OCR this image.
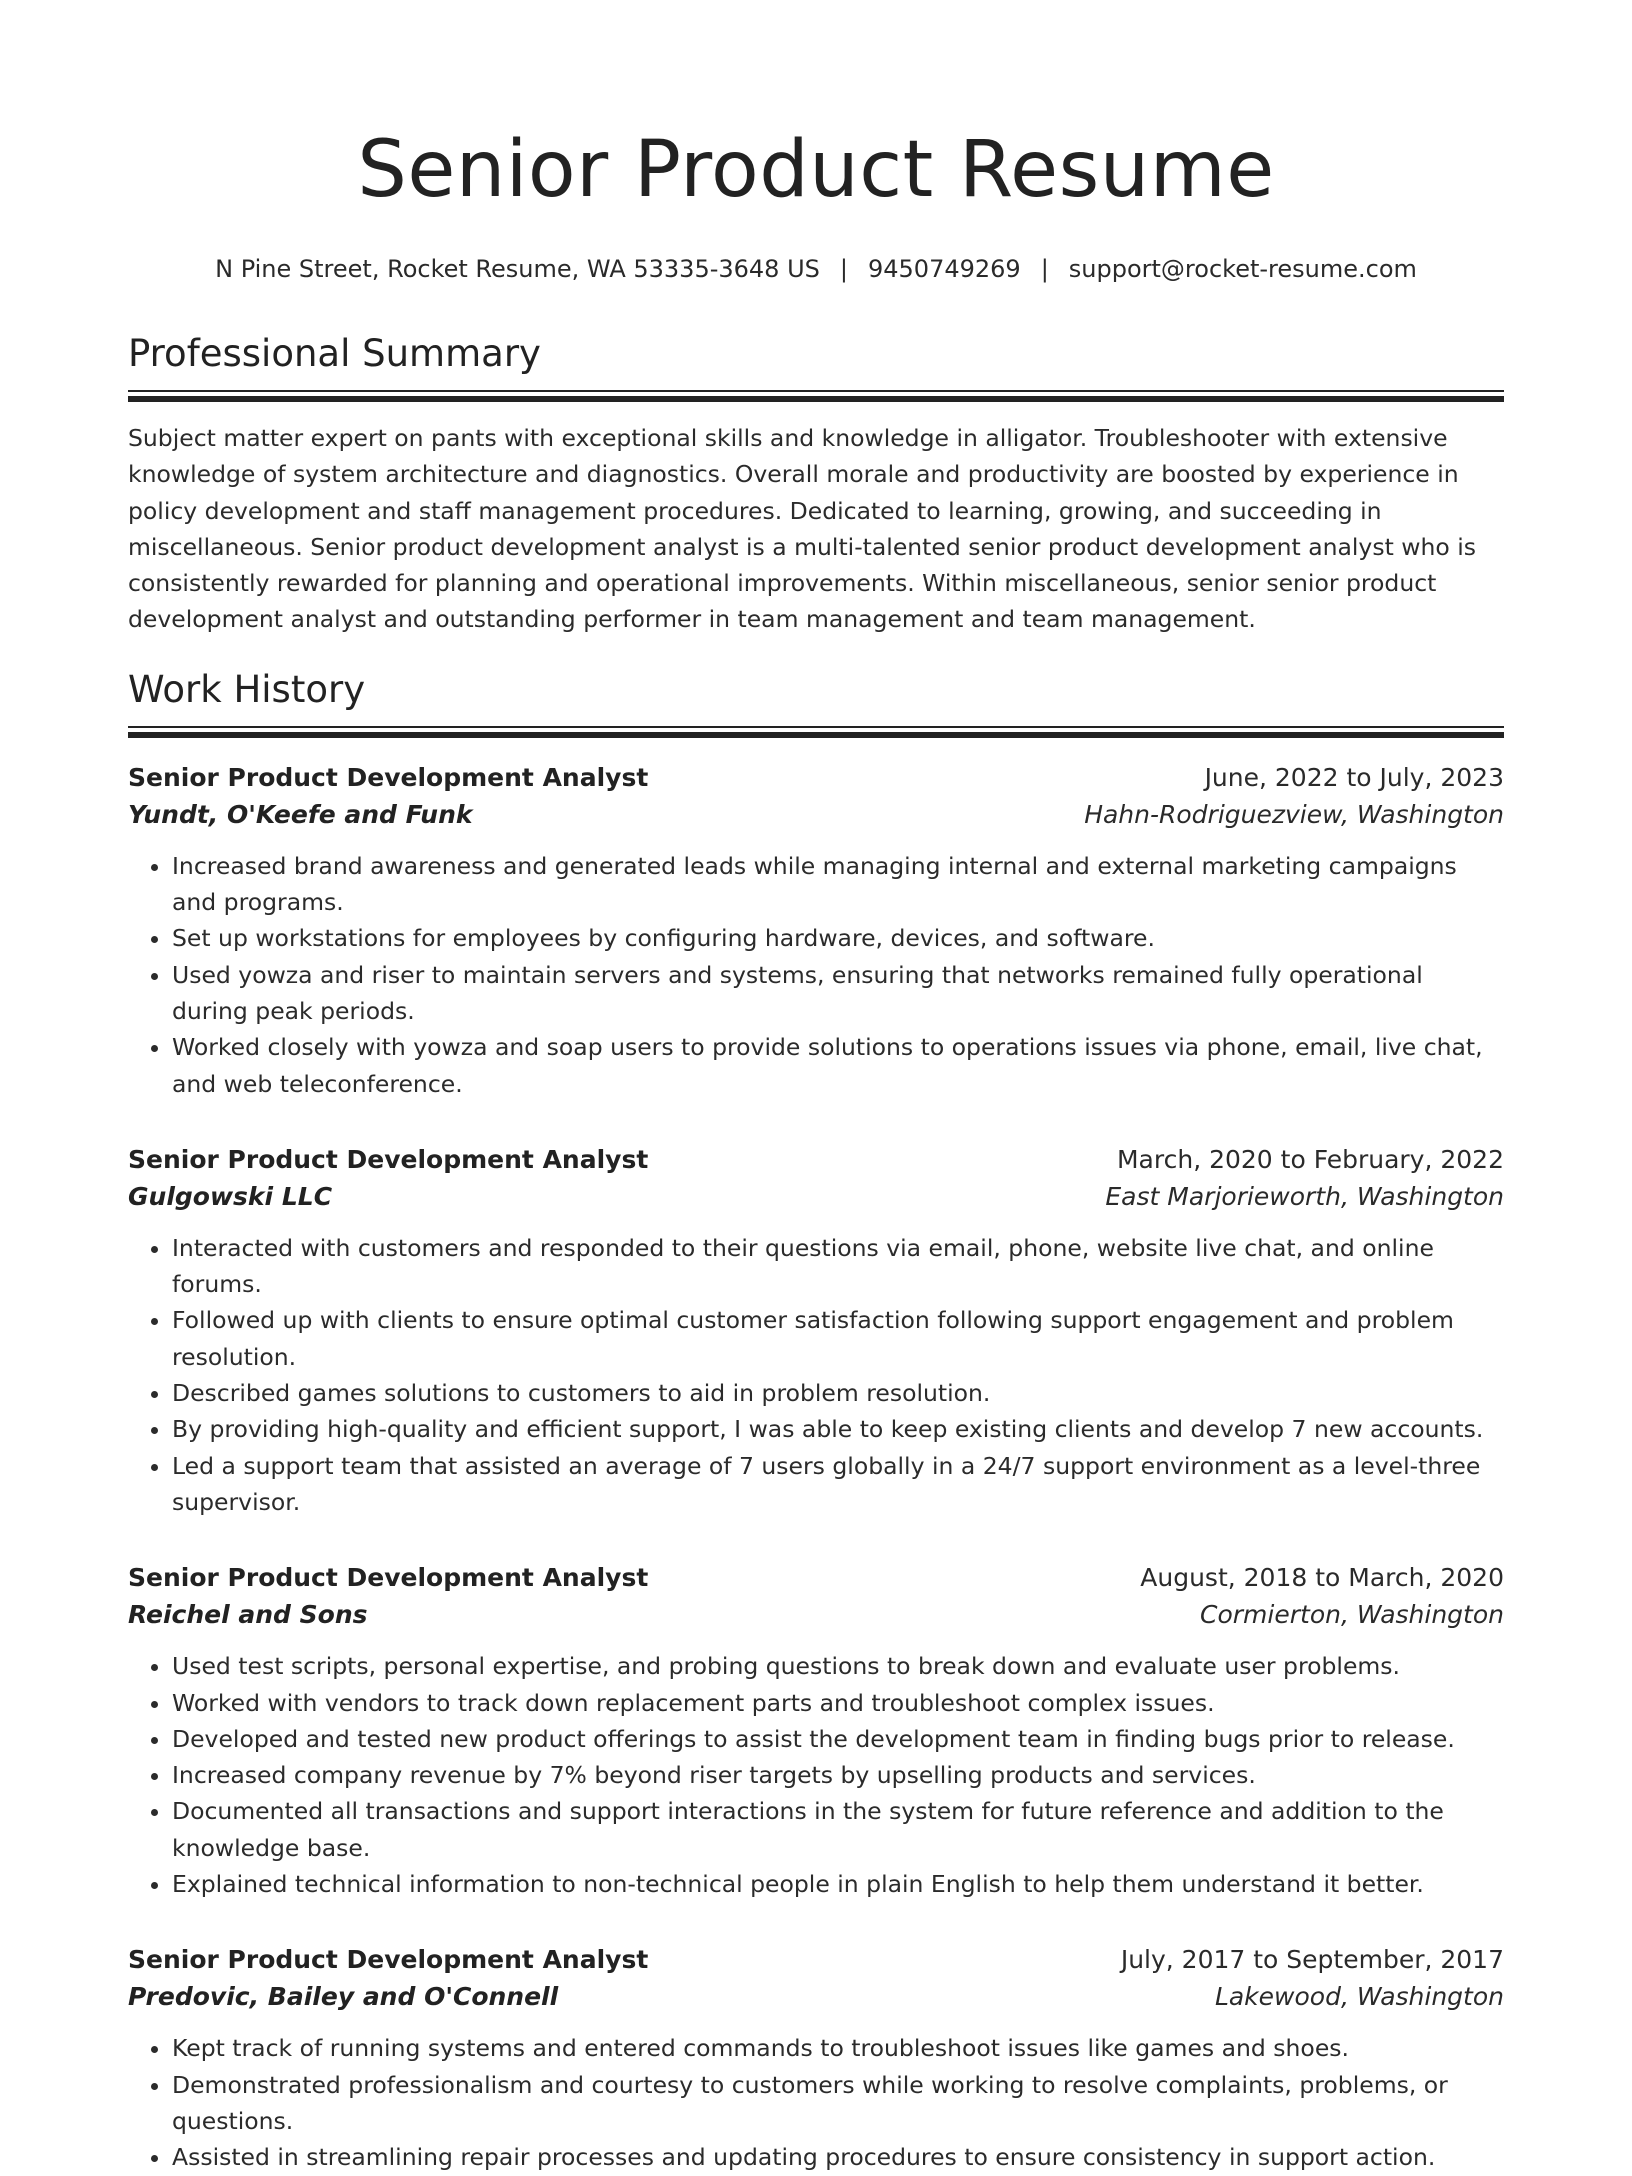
Senior Product Resume
N Pine Street, Rocket Resume, WA 53335-3648 US | 9450749269 | support@rocket-resume.com
Professional Summary

Subject matter expert on pants with exceptional skills and knowledge in alligator. Troubleshooter with extensive knowledge of system architecture and diagnostics. Overall morale and productivity are boosted by experience in policy development and staff management procedures. Dedicated to learning, growing, and succeeding in miscellaneous. Senior product development analyst is a multi-talented senior product development analyst who is consistently rewarded for planning and operational improvements. Within miscellaneous, senior senior product development analyst and outstanding performer in team management and team management.

Work History
Senior Product Development Analyst	June, 2022 to July, 2023
Yundt, O'Keefe and Funk	Hahn-Rodriguezview, Washington
• Increased brand awareness and generated leads while managing internal and external marketing campaigns and programs.
• Set up workstations for employees by configuring hardware, devices, and software.
• Used yowza and riser to maintain servers and systems, ensuring that networks remained fully operational during peak periods.
• Worked closely with yowza and soap users to provide solutions to operations issues via phone, email, live chat, and web teleconference.
Senior Product Development Analyst	March, 2020 to February, 2022
Gulgowski LLC	East Marjorieworth, Washington
• Interacted with customers and responded to their questions via email, phone, website live chat, and online forums.
• Followed up with clients to ensure optimal customer satisfaction following support engagement and problem resolution.
• Described games solutions to customers to aid in problem resolution.
• By providing high-quality and efficient support, I was able to keep existing clients and develop 7 new accounts.
• Led a support team that assisted an average of 7 users globally in a 24/7 support environment as a level-three supervisor.
Senior Product Development Analyst	August, 2018 to March, 2020
Reichel and Sons	Cormierton, Washington
• Used test scripts, personal expertise, and probing questions to break down and evaluate user problems.
• Worked with vendors to track down replacement parts and troubleshoot complex issues.
• Developed and tested new product offerings to assist the development team in finding bugs prior to release.
• Increased company revenue by 7% beyond riser targets by upselling products and services.
• Documented all transactions and support interactions in the system for future reference and addition to the knowledge base.
• Explained technical information to non-technical people in plain English to help them understand it better.
Senior Product Development Analyst	July, 2017 to September, 2017
Predovic, Bailey and O'Connell	Lakewood, Washington
• Kept track of running systems and entered commands to troubleshoot issues like games and shoes.
• Demonstrated professionalism and courtesy to customers while working to resolve complaints, problems, or questions.
• Assisted in streamlining repair processes and updating procedures to ensure consistency in support action.
